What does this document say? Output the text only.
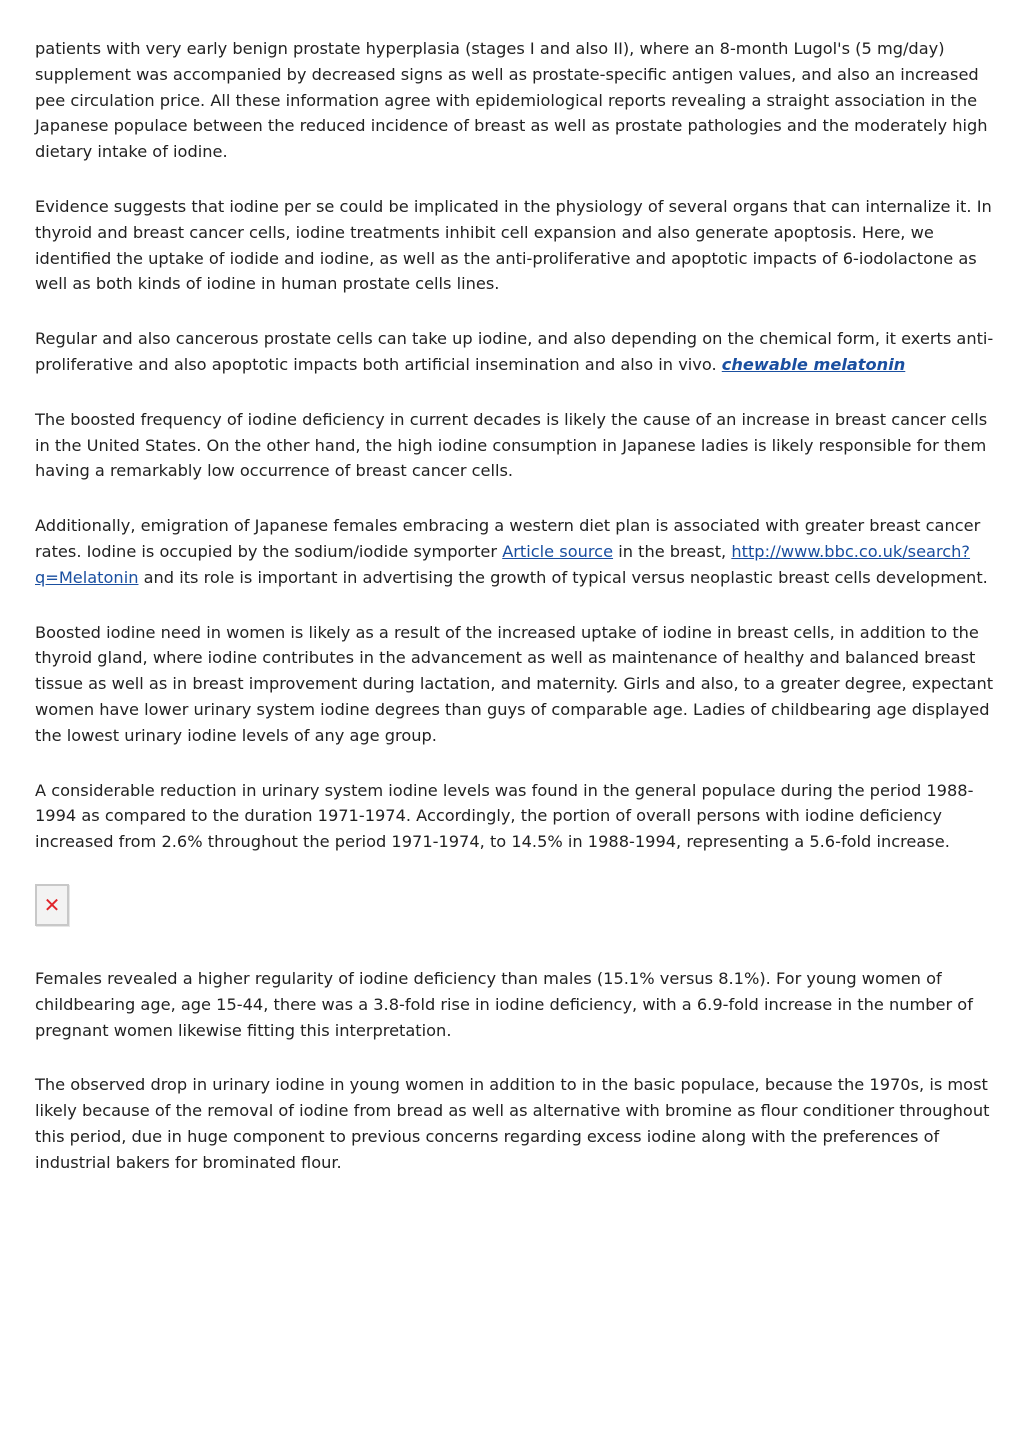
patients with very early benign prostate hyperplasia (stages I and also II), where an 8-month Lugol's (5 mg/day) supplement was accompanied by decreased signs as well as prostate-specific antigen values, and also an increased pee circulation price. All these information agree with epidemiological reports revealing a straight association in the Japanese populace between the reduced incidence of breast as well as prostate pathologies and the moderately high dietary intake of iodine.

Evidence suggests that iodine per se could be implicated in the physiology of several organs that can internalize it. In thyroid and breast cancer cells, iodine treatments inhibit cell expansion and also generate apoptosis. Here, we identified the uptake of iodide and iodine, as well as the anti-proliferative and apoptotic impacts of 6-iodolactone as well as both kinds of iodine in human prostate cells lines.

Regular and also cancerous prostate cells can take up iodine, and also depending on the chemical form, it exerts anti-proliferative and also apoptotic impacts both artificial insemination and also in vivo. chewable melatonin

The boosted frequency of iodine deficiency in current decades is likely the cause of an increase in breast cancer cells in the United States. On the other hand, the high iodine consumption in Japanese ladies is likely responsible for them having a remarkably low occurrence of breast cancer cells.

Additionally, emigration of Japanese females embracing a western diet plan is associated with greater breast cancer rates. Iodine is occupied by the sodium/iodide symporter Article source in the breast, http://www.bbc.co.uk/search?q=Melatonin and its role is important in advertising the growth of typical versus neoplastic breast cells development.

Boosted iodine need in women is likely as a result of the increased uptake of iodine in breast cells, in addition to the thyroid gland, where iodine contributes in the advancement as well as maintenance of healthy and balanced breast tissue as well as in breast improvement during lactation, and maternity. Girls and also, to a greater degree, expectant women have lower urinary system iodine degrees than guys of comparable age. Ladies of childbearing age displayed the lowest urinary iodine levels of any age group.

A considerable reduction in urinary system iodine levels was found in the general populace during the period 1988-1994 as compared to the duration 1971-1974. Accordingly, the portion of overall persons with iodine deficiency increased from 2.6% throughout the period 1971-1974, to 14.5% in 1988-1994, representing a 5.6-fold increase.

✕

Females revealed a higher regularity of iodine deficiency than males (15.1% versus 8.1%). For young women of childbearing age, age 15-44, there was a 3.8-fold rise in iodine deficiency, with a 6.9-fold increase in the number of pregnant women likewise fitting this interpretation.

The observed drop in urinary iodine in young women in addition to in the basic populace, because the 1970s, is most likely because of the removal of iodine from bread as well as alternative with bromine as flour conditioner throughout this period, due in huge component to previous concerns regarding excess iodine along with the preferences of industrial bakers for brominated flour.
